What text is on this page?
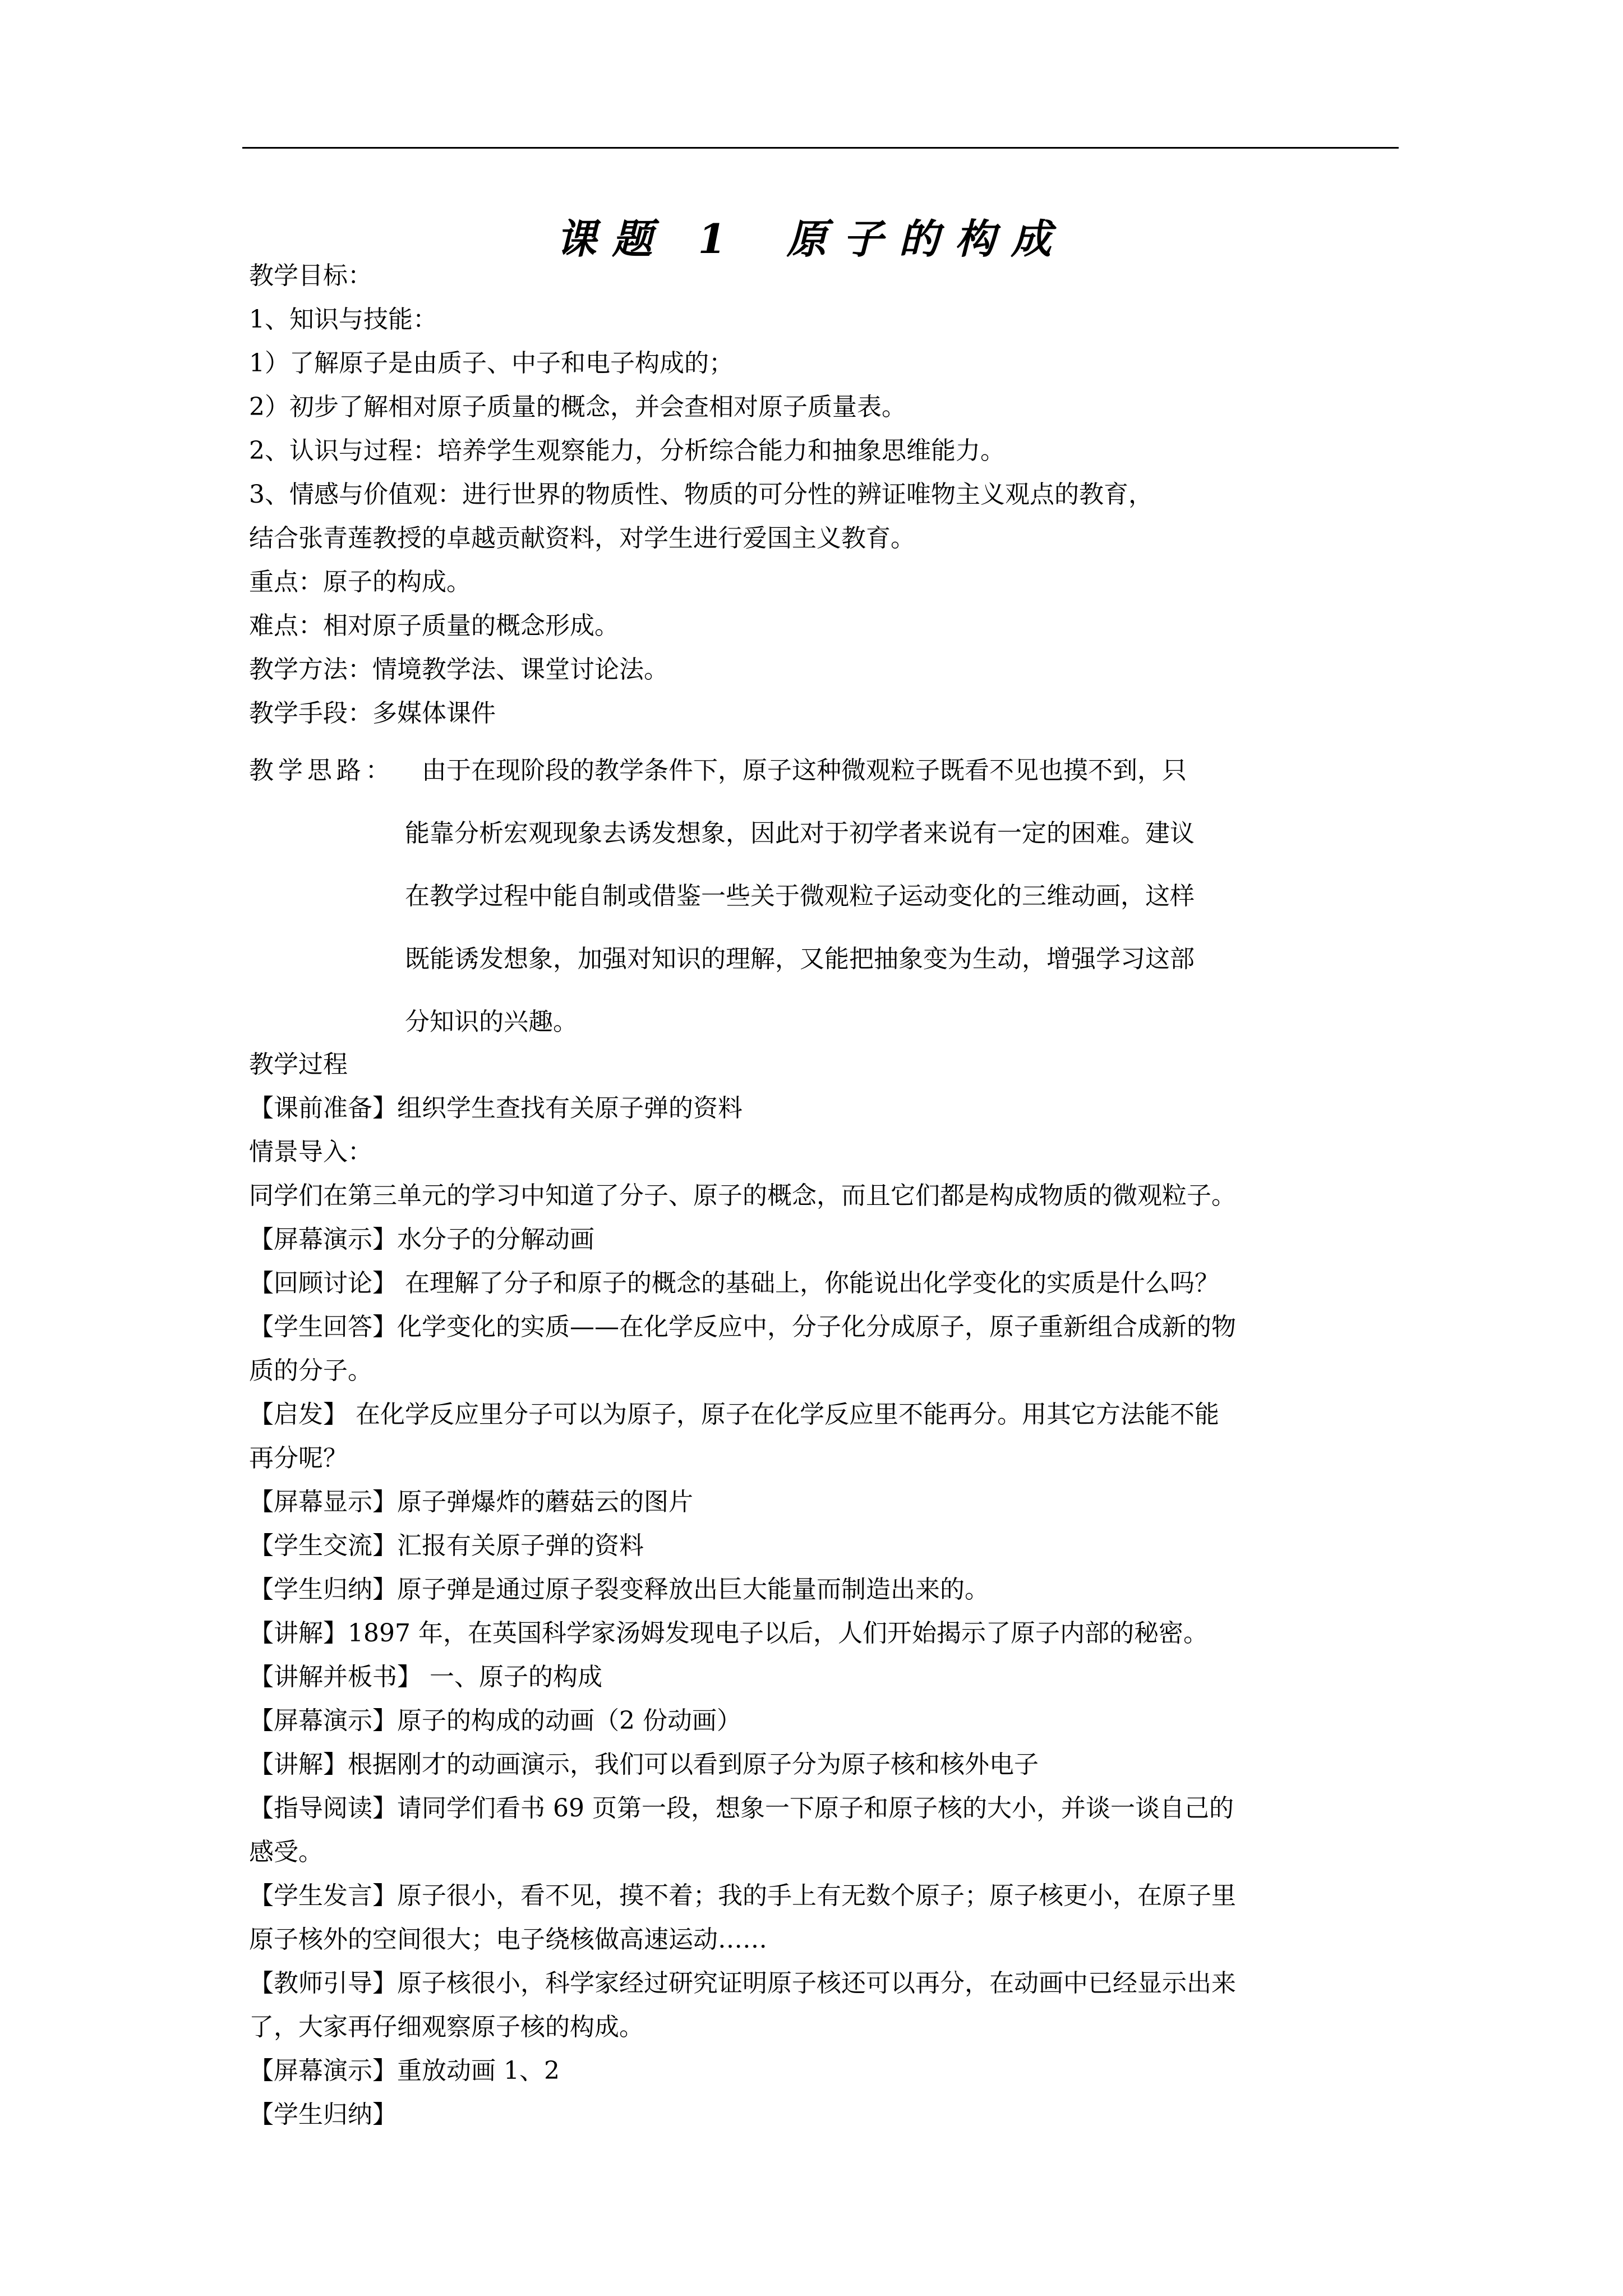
课题 1 原子的构成
教学目标：
1、知识与技能：
1）了解原子是由质子、中子和电子构成的；
2）初步了解相对原子质量的概念，并会查相对原子质量表。
2、认识与过程：培养学生观察能力，分析综合能力和抽象思维能力。
3、情感与价值观：进行世界的物质性、物质的可分性的辨证唯物主义观点的教育，
结合张青莲教授的卓越贡献资料，对学生进行爱国主义教育。
重点：原子的构成。
难点：相对原子质量的概念形成。
教学方法：情境教学法、课堂讨论法。
教学手段：多媒体课件
教学思路： 由于在现阶段的教学条件下，原子这种微观粒子既看不见也摸不到，只
能靠分析宏观现象去诱发想象，因此对于初学者来说有一定的困难。建议
在教学过程中能自制或借鉴一些关于微观粒子运动变化的三维动画，这样
既能诱发想象，加强对知识的理解，又能把抽象变为生动，增强学习这部
分知识的兴趣。
教学过程
【课前准备】组织学生查找有关原子弹的资料
情景导入：
同学们在第三单元的学习中知道了分子、原子的概念，而且它们都是构成物质的微观粒子。
【屏幕演示】水分子的分解动画
【回顾讨论】 在理解了分子和原子的概念的基础上，你能说出化学变化的实质是什么吗？
【学生回答】化学变化的实质——在化学反应中，分子化分成原子，原子重新组合成新的物
质的分子。
【启发】 在化学反应里分子可以为原子，原子在化学反应里不能再分。用其它方法能不能
再分呢？
【屏幕显示】原子弹爆炸的蘑菇云的图片
【学生交流】汇报有关原子弹的资料
【学生归纳】原子弹是通过原子裂变释放出巨大能量而制造出来的。
【讲解】1897 年，在英国科学家汤姆发现电子以后，人们开始揭示了原子内部的秘密。
【讲解并板书】 一、原子的构成
【屏幕演示】原子的构成的动画（2 份动画）
【讲解】根据刚才的动画演示，我们可以看到原子分为原子核和核外电子
【指导阅读】请同学们看书 69 页第一段，想象一下原子和原子核的大小，并谈一谈自己的
感受。
【学生发言】原子很小，看不见，摸不着；我的手上有无数个原子；原子核更小，在原子里
原子核外的空间很大；电子绕核做高速运动……
【教师引导】原子核很小，科学家经过研究证明原子核还可以再分，在动画中已经显示出来
了，大家再仔细观察原子核的构成。
【屏幕演示】重放动画 1、2
【学生归纳】
